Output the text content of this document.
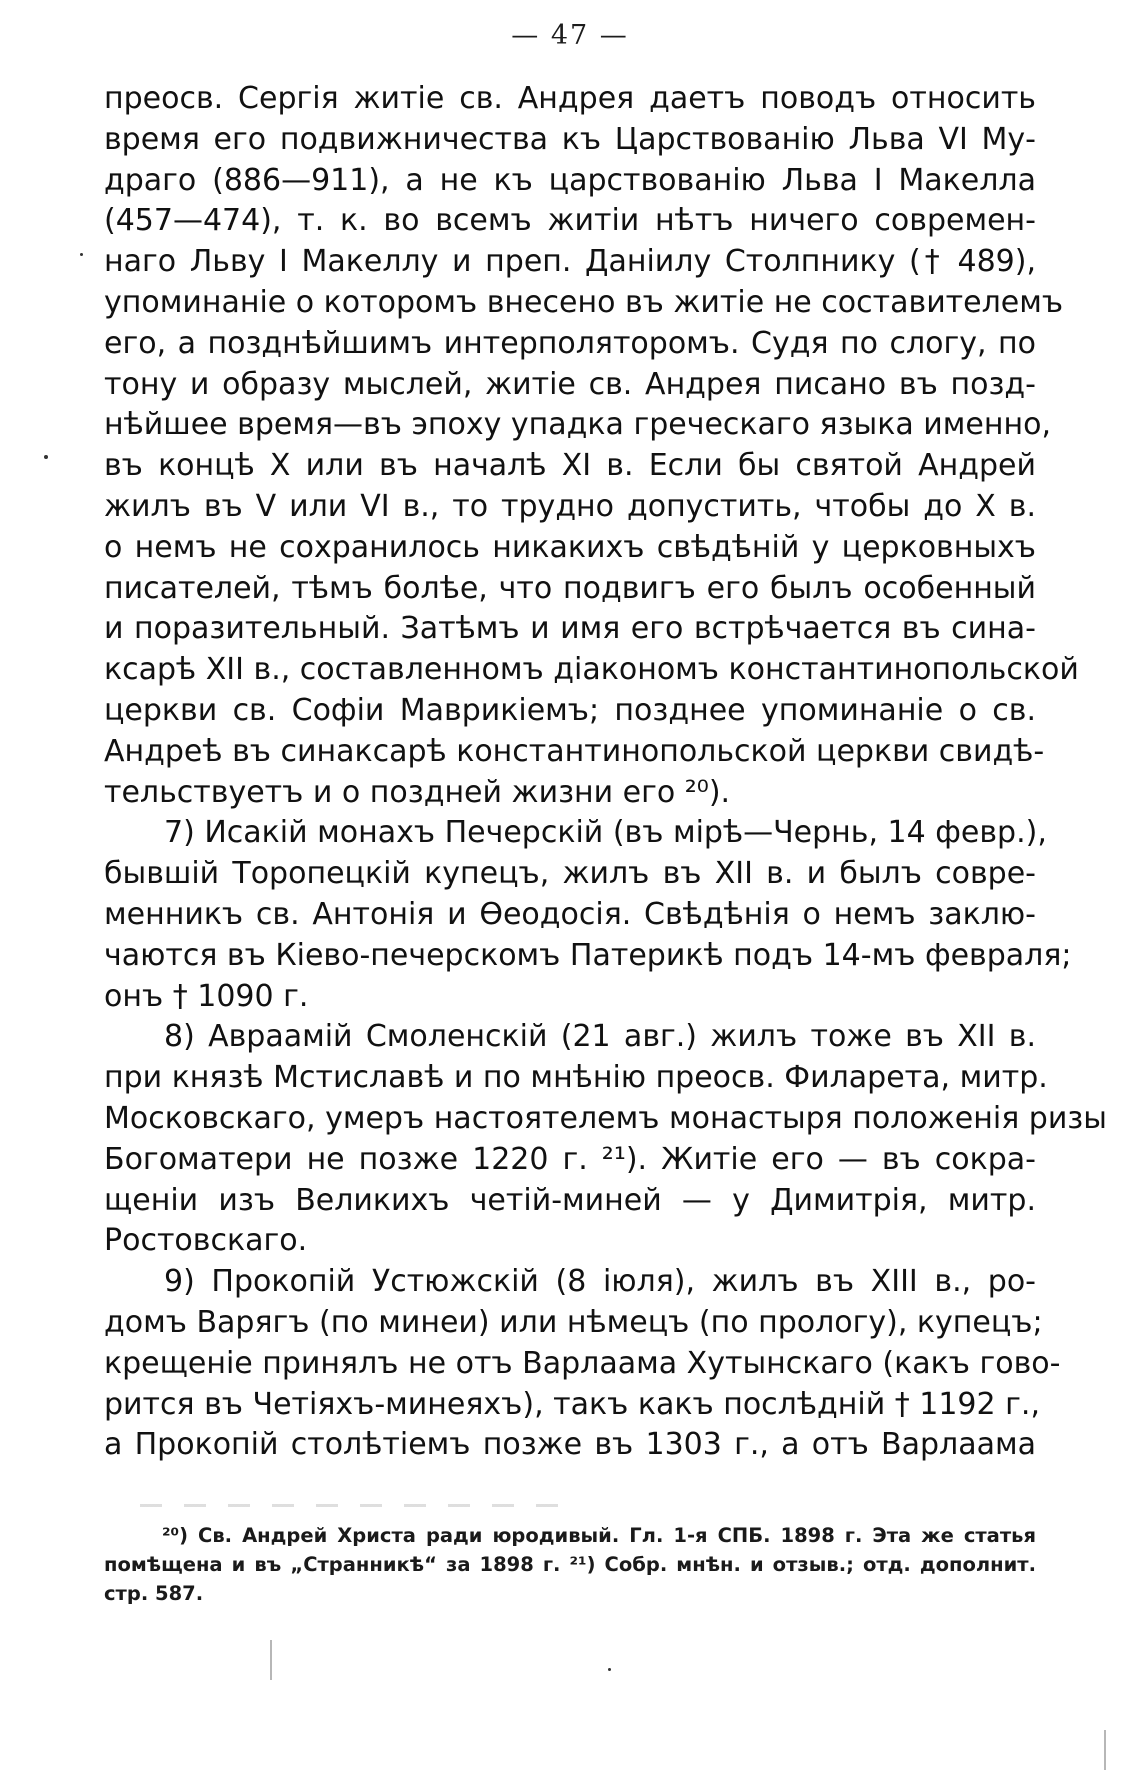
— 47 —
преосв. Сергія житіе св. Андрея даетъ поводъ относить
время его подвижничества къ Царствованію Льва VI Му-
драго (886—911), а не къ царствованію Льва I Макелла
(457—474), т. к. во всемъ житіи нѣтъ ничего современ-
наго Льву I Макеллу и преп. Даніилу Столпнику († 489),
упоминаніе о которомъ внесено въ житіе не составителемъ
его, а позднѣйшимъ интерполяторомъ. Судя по слогу, по
тону и образу мыслей, житіе св. Андрея писано въ позд-
нѣйшее время—въ эпоху упадка греческаго языка именно,
въ концѣ X или въ началѣ XI в. Если бы святой Андрей
жилъ въ V или VI в., то трудно допустить, чтобы до X в.
о немъ не сохранилось никакихъ свѣдѣній у церковныхъ
писателей, тѣмъ болѣе, что подвигъ его былъ особенный
и поразительный. Затѣмъ и имя его встрѣчается въ сина-
ксарѣ XII в., составленномъ діакономъ константинопольской
церкви св. Софіи Маврикіемъ; позднее упоминаніе о св.
Андреѣ въ синаксарѣ константинопольской церкви свидѣ-
тельствуетъ и о поздней жизни его ²⁰).
7) Исакій монахъ Печерскій (въ мірѣ—Чернь, 14 февр.),
бывшій Торопецкій купецъ, жилъ въ XII в. и былъ совре-
менникъ св. Антонія и Ѳеодосія. Свѣдѣнія о немъ заклю-
чаются въ Кіево-печерскомъ Патерикѣ подъ 14-мъ февраля;
онъ † 1090 г.
8) Авраамій Смоленскій (21 авг.) жилъ тоже въ XII в.
при князѣ Мстиславѣ и по мнѣнію преосв. Филарета, митр.
Московскаго, умеръ настоятелемъ монастыря положенія ризы
Богоматери не позже 1220 г. ²¹). Житіе его — въ сокра-
щеніи изъ Великихъ четій-миней — у Димитрія, митр.
Ростовскаго.
9) Прокопій Устюжскій (8 іюля), жилъ въ XIII в., ро-
домъ Варягъ (по минеи) или нѣмецъ (по прологу), купецъ;
крещеніе принялъ не отъ Варлаама Хутынскаго (какъ гово-
рится въ Четіяхъ-минеяхъ), такъ какъ послѣдній † 1192 г.,
а Прокопій столѣтіемъ позже въ 1303 г., а отъ Варлаама
²⁰) Св. Андрей Христа ради юродивый. Гл. 1-я СПБ. 1898 г. Эта же статья
помѣщена и въ „Странникѣ“ за 1898 г. ²¹) Собр. мнѣн. и отзыв.; отд. дополнит.
стр. 587.
